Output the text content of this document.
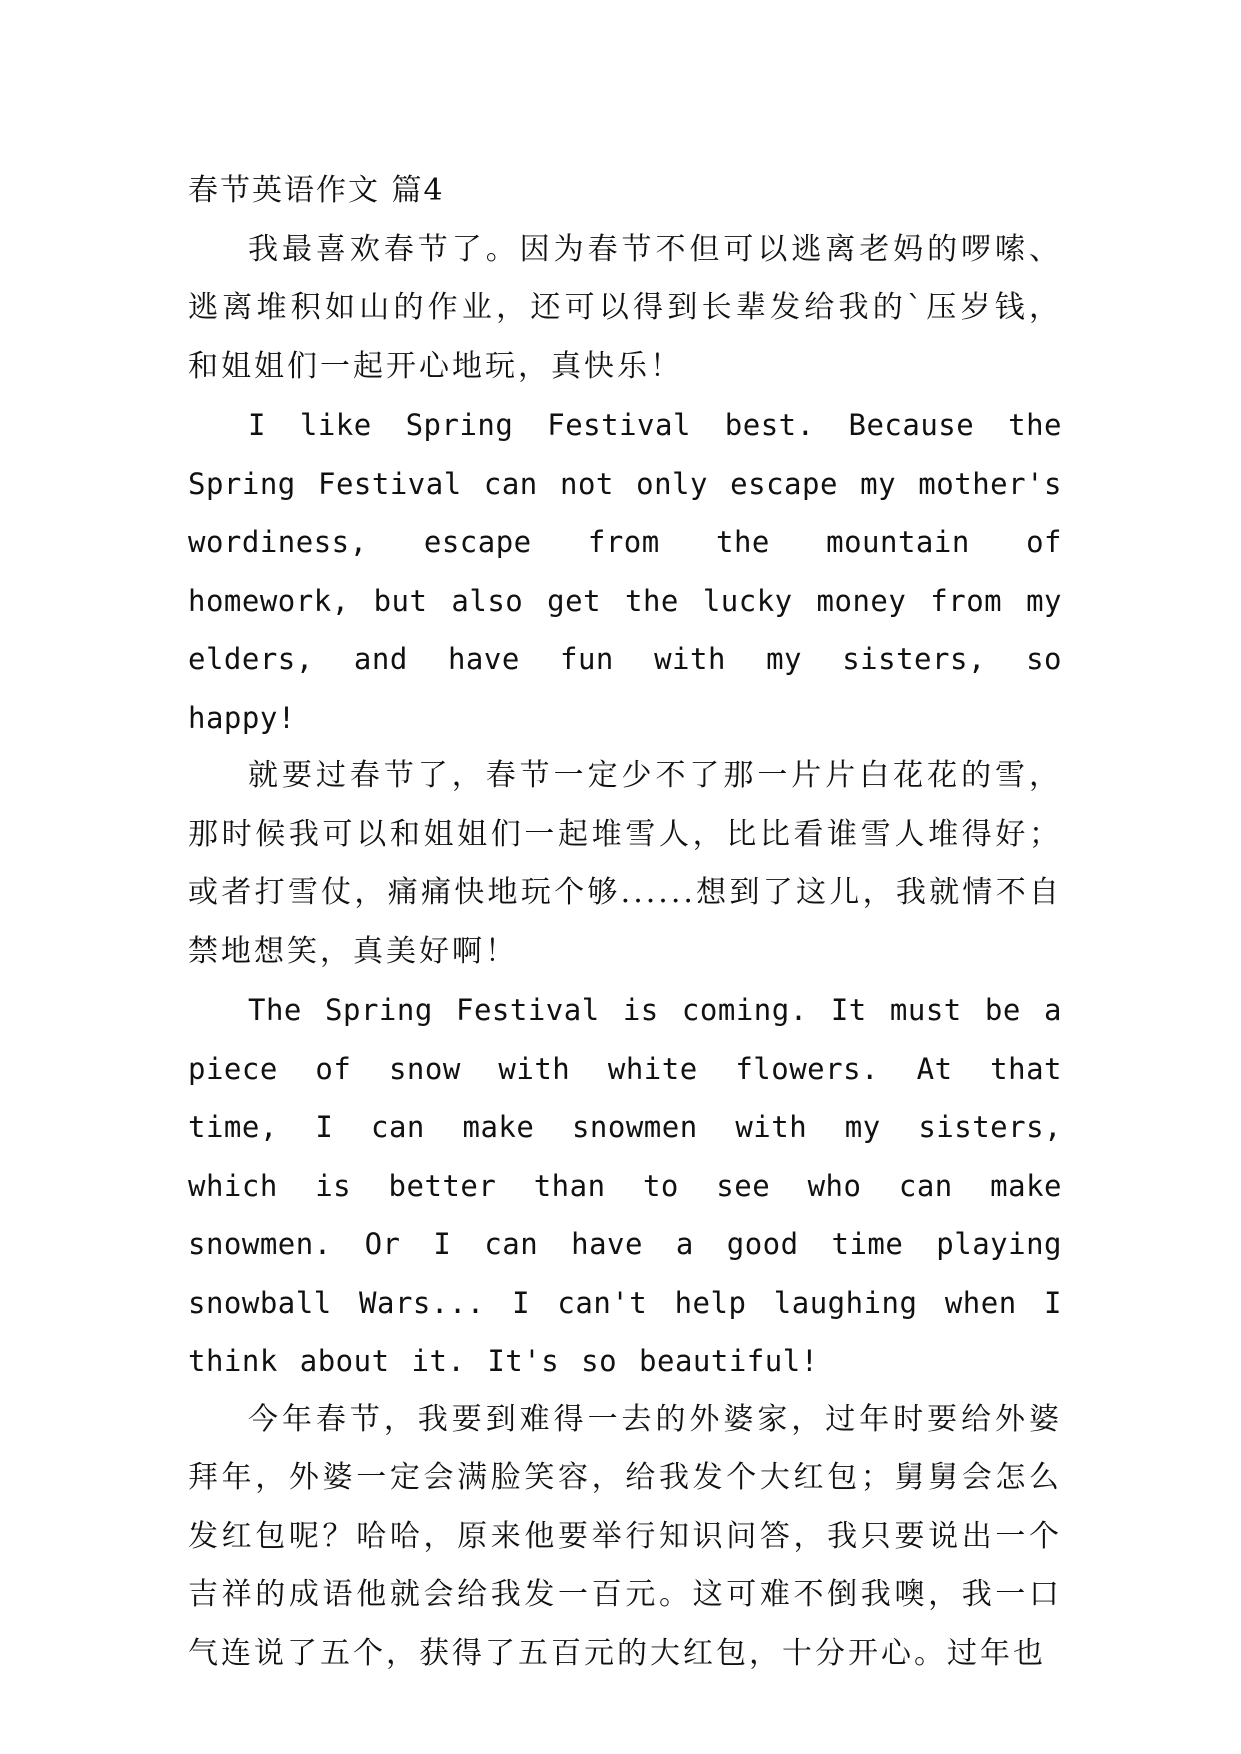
春节英语作文 篇4

我最喜欢春节了。因为春节不但可以逃离老妈的啰嗦、逃离堆积如山的作业，还可以得到长辈发给我的`压岁钱，和姐姐们一起开心地玩，真快乐！

I like Spring Festival best. Because the Spring Festival can not only escape my mother's wordiness, escape from the mountain of homework, but also get the lucky money from my elders, and have fun with my sisters, so happy!

就要过春节了，春节一定少不了那一片片白花花的雪，那时候我可以和姐姐们一起堆雪人，比比看谁雪人堆得好；或者打雪仗，痛痛快地玩个够......想到了这儿，我就情不自禁地想笑，真美好啊！

The Spring Festival is coming. It must be a piece of snow with white flowers. At that time, I can make snowmen with my sisters, which is better than to see who can make snowmen. Or I can have a good time playing snowball Wars... I can't help laughing when I think about it. It's so beautiful!

今年春节，我要到难得一去的外婆家，过年时要给外婆拜年，外婆一定会满脸笑容，给我发个大红包；舅舅会怎么发红包呢？哈哈，原来他要举行知识问答，我只要说出一个吉祥的成语他就会给我发一百元。这可难不倒我噢，我一口气连说了五个，获得了五百元的大红包，十分开心。过年也
